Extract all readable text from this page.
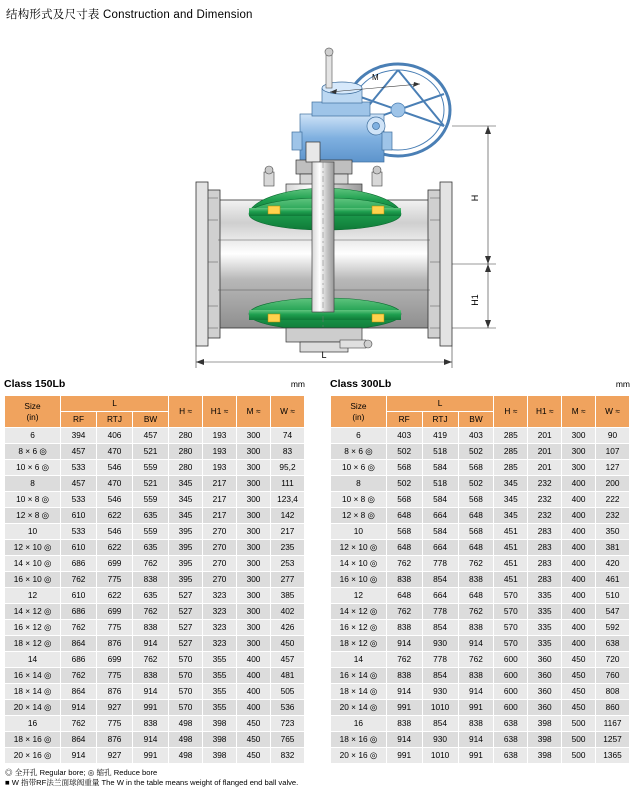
结构形式及尺寸表 Construction and Dimension
M
H
H1
L
Class 150Lb	mm
Size
(in)	L			H ≈	H1 ≈	M ≈	W ≈
	RF	RTJ	BW				
6	394	406	457	280	193	300	74
8 × 6 ◎	457	470	521	280	193	300	83
10 × 6 ◎	533	546	559	280	193	300	95,2
8	457	470	521	345	217	300	111
10 × 8 ◎	533	546	559	345	217	300	123,4
12 × 8 ◎	610	622	635	345	217	300	142
10	533	546	559	395	270	300	217
12 × 10 ◎	610	622	635	395	270	300	235
14 × 10 ◎	686	699	762	395	270	300	253
16 × 10 ◎	762	775	838	395	270	300	277
12	610	622	635	527	323	300	385
14 × 12 ◎	686	699	762	527	323	300	402
16 × 12 ◎	762	775	838	527	323	300	426
18 × 12 ◎	864	876	914	527	323	300	450
14	686	699	762	570	355	400	457
16 × 14 ◎	762	775	838	570	355	400	481
18 × 14 ◎	864	876	914	570	355	400	505
20 × 14 ◎	914	927	991	570	355	400	536
16	762	775	838	498	398	450	723
18 × 16 ◎	864	876	914	498	398	450	765
20 × 16 ◎	914	927	991	498	398	450	832
Class 300Lb	mm
Size
(in)	L			H ≈	H1 ≈	M ≈	W ≈
	RF	RTJ	BW				
6	403	419	403	285	201	300	90
8 × 6 ◎	502	518	502	285	201	300	107
10 × 6 ◎	568	584	568	285	201	300	127
8	502	518	502	345	232	400	200
10 × 8 ◎	568	584	568	345	232	400	222
12 × 8 ◎	648	664	648	345	232	400	232
10	568	584	568	451	283	400	350
12 × 10 ◎	648	664	648	451	283	400	381
14 × 10 ◎	762	778	762	451	283	400	420
16 × 10 ◎	838	854	838	451	283	400	461
12	648	664	648	570	335	400	510
14 × 12 ◎	762	778	762	570	335	400	547
16 × 12 ◎	838	854	838	570	335	400	592
18 × 12 ◎	914	930	914	570	335	400	638
14	762	778	762	600	360	450	720
16 × 14 ◎	838	854	838	600	360	450	760
18 × 14 ◎	914	930	914	600	360	450	808
20 × 14 ◎	991	1010	991	600	360	450	860
16	838	854	838	638	398	500	1167
18 × 16 ◎	914	930	914	638	398	500	1257
20 × 16 ◎	991	1010	991	638	398	500	1365
◎ 全开孔 Regular bore; ◎ 缩孔 Reduce bore
■ W 指带RF法兰面球阀重量 The W in the table means weight of flanged end ball valve.
